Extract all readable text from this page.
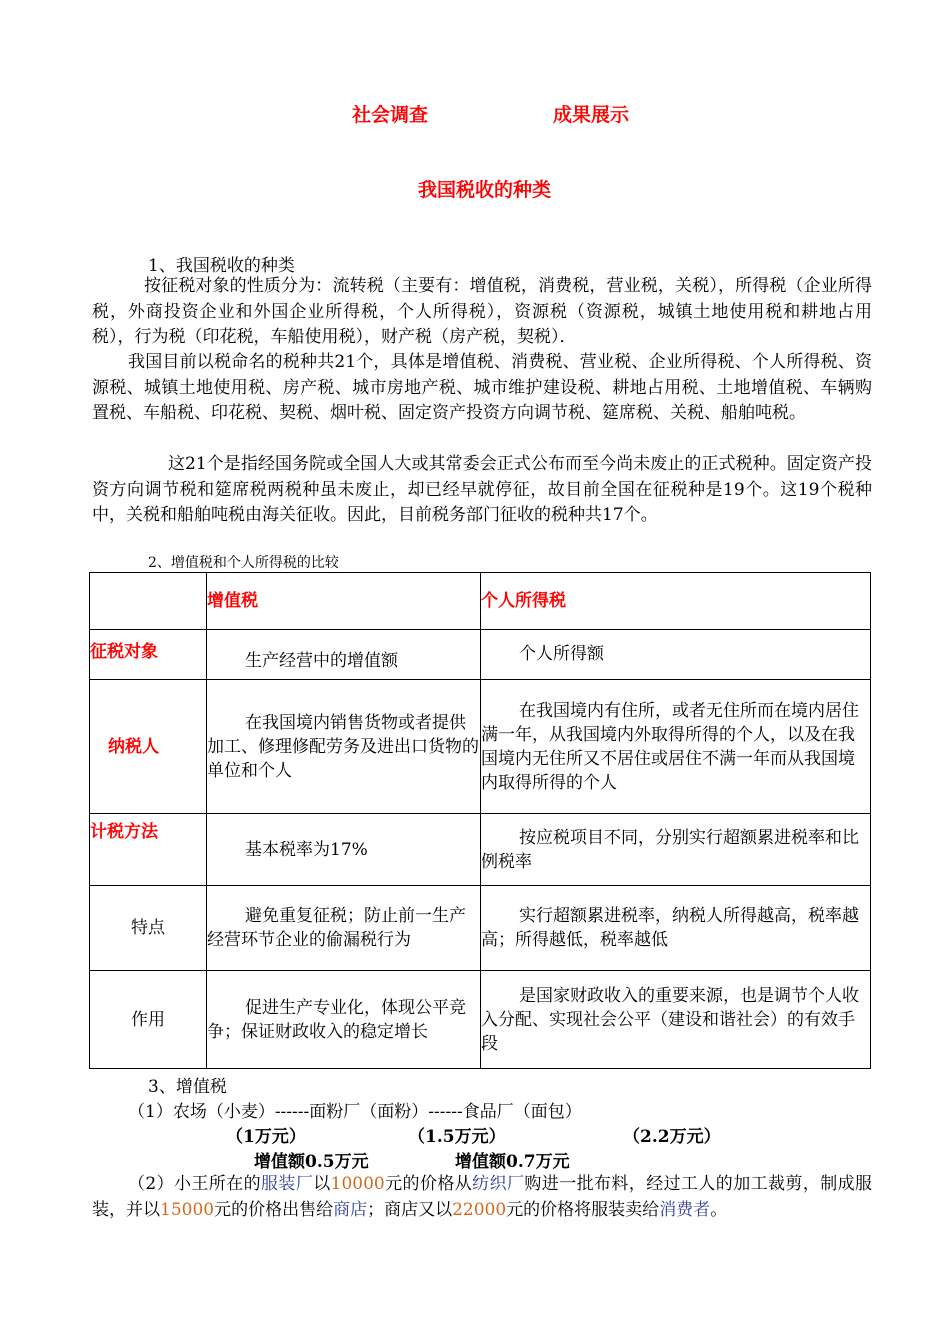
社会调查	成果展示
我国税收的种类
1、我国税收的种类
按征税对象的性质分为：流转税（主要有：增值税，消费税，营业税，关税），所得税（企业所得税，外商投资企业和外国企业所得税，个人所得税），资源税（资源税，城镇土地使用税和耕地占用税），行为税（印花税，车船使用税），财产税（房产税，契税）．
我国目前以税命名的税种共21个，具体是增值税、消费税、营业税、企业所得税、个人所得税、资源税、城镇土地使用税、房产税、城市房地产税、城市维护建设税、耕地占用税、土地增值税、车辆购置税、车船税、印花税、契税、烟叶税、固定资产投资方向调节税、筵席税、关税、船舶吨税。
这21个是指经国务院或全国人大或其常委会正式公布而至今尚未废止的正式税种。固定资产投资方向调节税和筵席税两税种虽未废止，却已经早就停征，故目前全国在征税种是19个。这19个税种中，关税和船舶吨税由海关征收。因此，目前税务部门征收的税种共17个。
2、增值税和个人所得税的比较
	增值税	个人所得税
征税对象	生产经营中的增值额	个人所得额
纳税人	在我国境内销售货物或者提供加工、修理修配劳务及进出口货物的单位和个人	在我国境内有住所，或者无住所而在境内居住满一年，从我国境内外取得所得的个人，以及在我国境内无住所又不居住或居住不满一年而从我国境内取得所得的个人
计税方法	基本税率为17%	按应税项目不同，分别实行超额累进税率和比例税率
特点	避免重复征税；防止前一生产经营环节企业的偷漏税行为	实行超额累进税率，纳税人所得越高，税率越高；所得越低，税率越低
作用	促进生产专业化，体现公平竞争；保证财政收入的稳定增长	是国家财政收入的重要来源，也是调节个人收入分配、实现社会公平（建设和谐社会）的有效手段
3、增值税
（1）农场（小麦）------面粉厂（面粉）------食品厂（面包）
（1万元）	（1.5万元）	（2.2万元）
增值额0.5万元	增值额0.7万元
（2）小王所在的服装厂以10000元的价格从纺织厂购进一批布料，经过工人的加工裁剪，制成服装，并以15000元的价格出售给商店；商店又以22000元的价格将服装卖给消费者。
